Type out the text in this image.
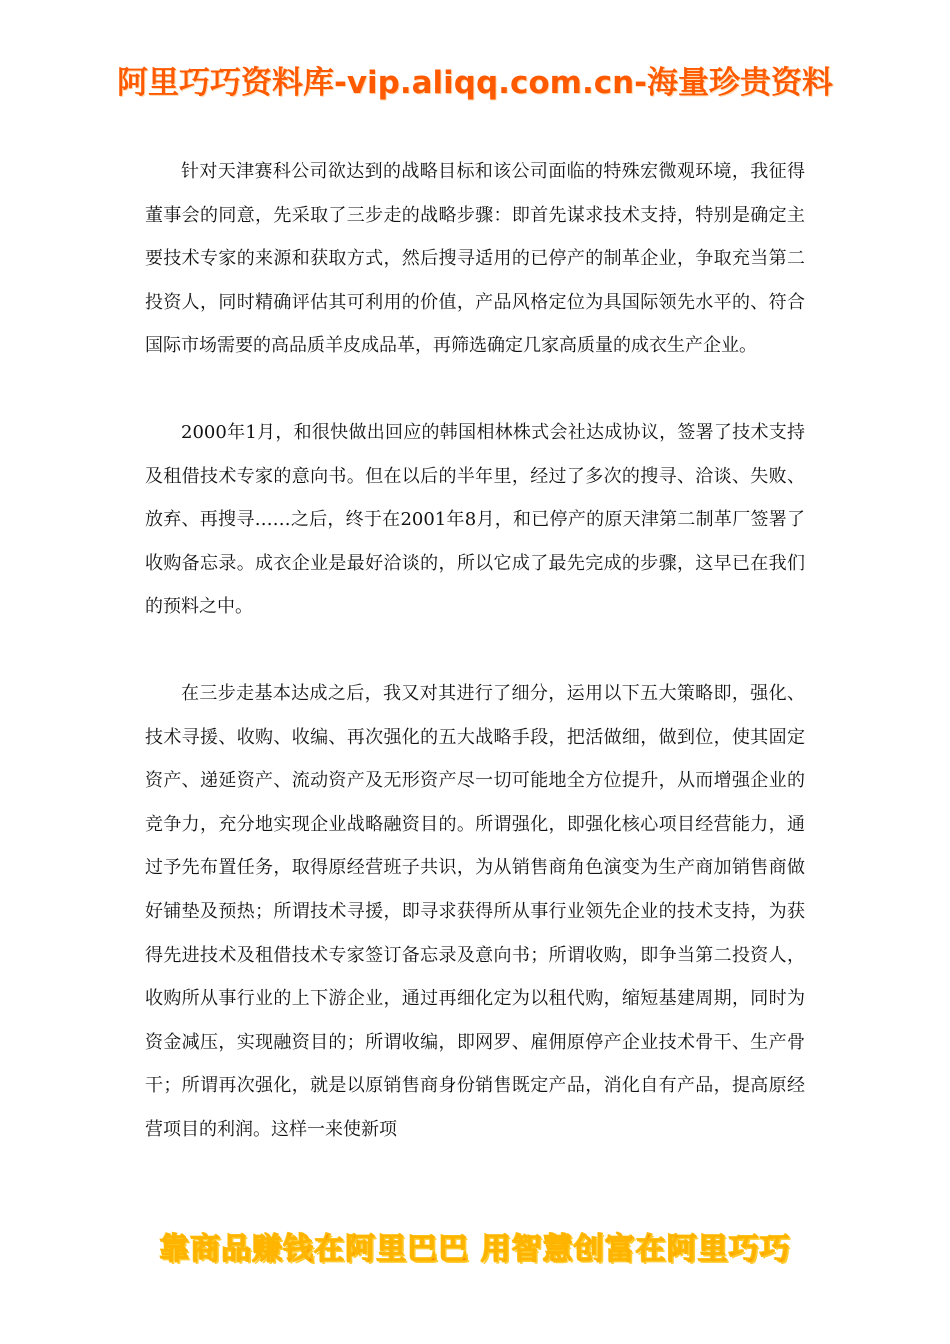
阿里巧巧资料库-vip.aliqq.com.cn-海量珍贵资料

针对天津赛科公司欲达到的战略目标和该公司面临的特殊宏微观环境，我征得董事会的同意，先采取了三步走的战略步骤：即首先谋求技术支持，特别是确定主要技术专家的来源和获取方式，然后搜寻适用的已停产的制革企业，争取充当第二投资人，同时精确评估其可利用的价值，产品风格定位为具国际领先水平的、符合国际市场需要的高品质羊皮成品革，再筛选确定几家高质量的成衣生产企业。

2000年1月，和很快做出回应的韩国相林株式会社达成协议，签署了技术支持及租借技术专家的意向书。但在以后的半年里，经过了多次的搜寻、洽谈、失败、放弃、再搜寻……之后，终于在2001年8月，和已停产的原天津第二制革厂签署了收购备忘录。成衣企业是最好洽谈的，所以它成了最先完成的步骤，这早已在我们的预料之中。

在三步走基本达成之后，我又对其进行了细分，运用以下五大策略即，强化、技术寻援、收购、收编、再次强化的五大战略手段，把活做细，做到位，使其固定资产、递延资产、流动资产及无形资产尽一切可能地全方位提升，从而增强企业的竞争力，充分地实现企业战略融资目的。所谓强化，即强化核心项目经营能力，通过予先布置任务，取得原经营班子共识，为从销售商角色演变为生产商加销售商做好铺垫及预热；所谓技术寻援，即寻求获得所从事行业领先企业的技术支持，为获得先进技术及租借技术专家签订备忘录及意向书；所谓收购，即争当第二投资人，收购所从事行业的上下游企业，通过再细化定为以租代购，缩短基建周期，同时为资金减压，实现融资目的；所谓收编，即网罗、雇佣原停产企业技术骨干、生产骨干；所谓再次强化，就是以原销售商身份销售既定产品，消化自有产品，提高原经营项目的利润。这样一来使新项

靠商品赚钱在阿里巴巴 用智慧创富在阿里巧巧
